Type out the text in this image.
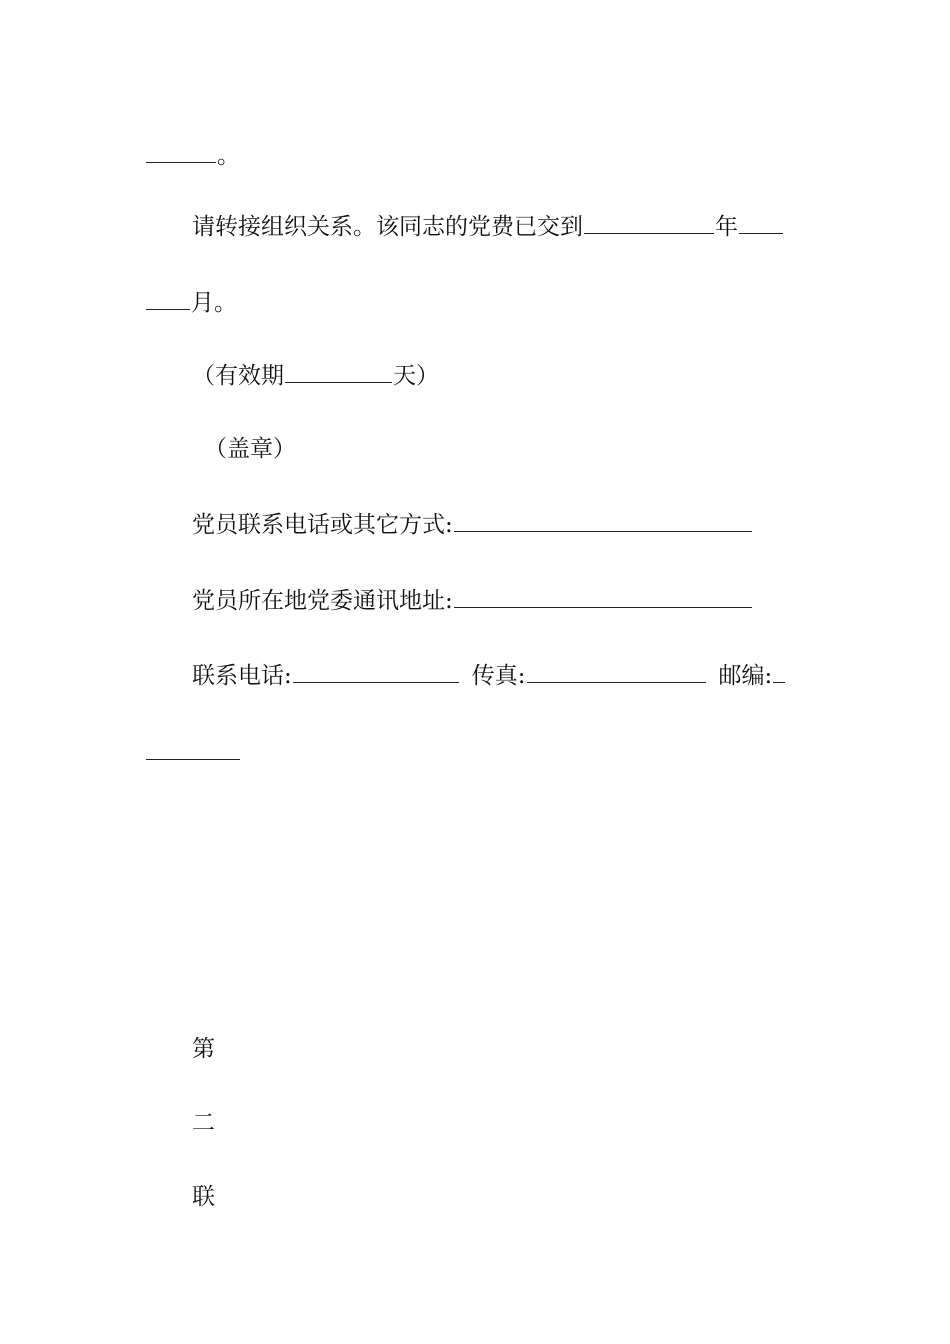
。
请转接组织关系。该同志的党费已交到	年
月。
（有效期	天）
（盖章）
党员联系电话或其它方式:
党员所在地党委通讯地址:
联系电话:	传真:	邮编:
第
二
联
